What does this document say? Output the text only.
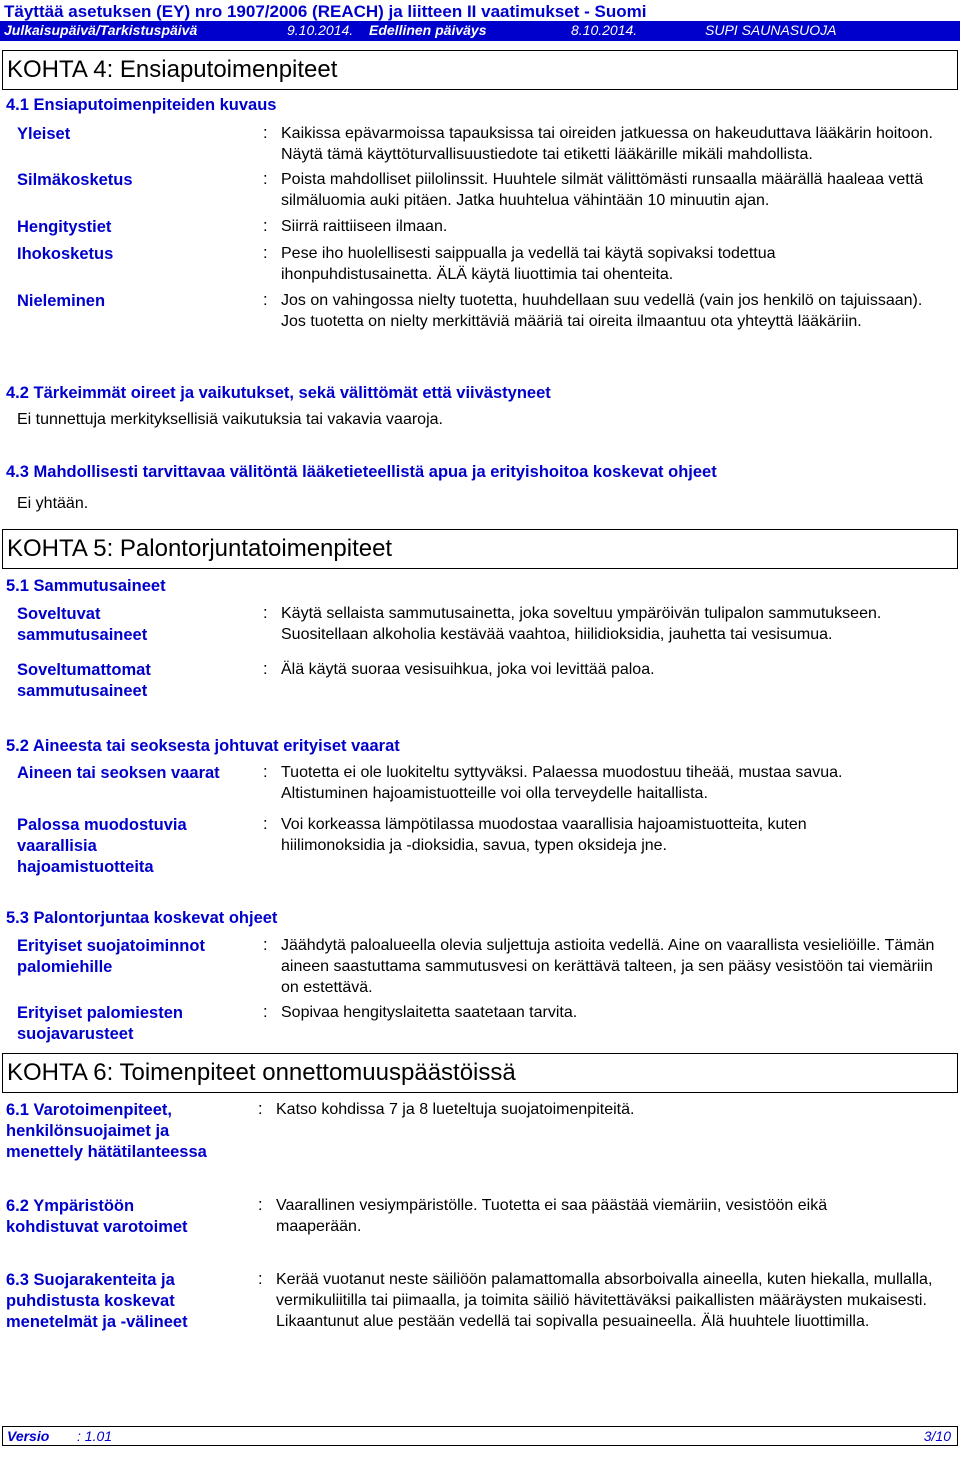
Täyttää asetuksen (EY) nro 1907/2006 (REACH) ja liitteen II vaatimukset - Suomi
Julkaisupäivä/Tarkistuspäivä	9.10.2014. Edellinen päiväys	8.10.2014.	SUPI SAUNASUOJA
KOHTA 4: Ensiaputoimenpiteet
4.1 Ensiaputoimenpiteiden kuvaus
Yleiset	: Kaikissa epävarmoissa tapauksissa tai oireiden jatkuessa on hakeuduttava lääkärin hoitoon. Näytä tämä käyttöturvallisuustiedote tai etiketti lääkärille mikäli mahdollista.
Silmäkosketus	: Poista mahdolliset piilolinssit. Huuhtele silmät välittömästi runsaalla määrällä haaleaa vettä silmäluomia auki pitäen. Jatka huuhtelua vähintään 10 minuutin ajan.
Hengitystiet	: Siirrä raittiiseen ilmaan.
Ihokosketus	: Pese iho huolellisesti saippualla ja vedellä tai käytä sopivaksi todettua ihonpuhdistusainetta. ÄLÄ käytä liuottimia tai ohenteita.
Nieleminen	: Jos on vahingossa nielty tuotetta, huuhdellaan suu vedellä (vain jos henkilö on tajuissaan). Jos tuotetta on nielty merkittäviä määriä tai oireita ilmaantuu ota yhteyttä lääkäriin.
4.2 Tärkeimmät oireet ja vaikutukset, sekä välittömät että viivästyneet
Ei tunnettuja merkityksellisiä vaikutuksia tai vakavia vaaroja.
4.3 Mahdollisesti tarvittavaa välitöntä lääketieteellistä apua ja erityishoitoa koskevat ohjeet
Ei yhtään.
KOHTA 5: Palontorjuntatoimenpiteet
5.1 Sammutusaineet
Soveltuvat sammutusaineet
: Käytä sellaista sammutusainetta, joka soveltuu ympäröivän tulipalon sammutukseen. Suositellaan alkoholia kestävää vaahtoa, hiilidioksidia, jauhetta tai vesisumua.
Soveltumattomat sammutusaineet
: Älä käytä suoraa vesisuihkua, joka voi levittää paloa.
5.2 Aineesta tai seoksesta johtuvat erityiset vaarat
Aineen tai seoksen vaarat	: Tuotetta ei ole luokiteltu syttyväksi. Palaessa muodostuu tiheää, mustaa savua. Altistuminen hajoamistuotteille voi olla terveydelle haitallista.
Palossa muodostuvia vaarallisia hajoamistuotteita
: Voi korkeassa lämpötilassa muodostaa vaarallisia hajoamistuotteita, kuten hiilimonoksidia ja -dioksidia, savua, typen oksideja jne.
5.3 Palontorjuntaa koskevat ohjeet
Erityiset suojatoiminnot palomiehille
: Jäähdytä paloalueella olevia suljettuja astioita vedellä. Aine on vaarallista vesieliöille. Tämän aineen saastuttama sammutusvesi on kerättävä talteen, ja sen pääsy vesistöön tai viemäriin on estettävä.
Erityiset palomiesten suojavarusteet
: Sopivaa hengityslaitetta saatetaan tarvita.
KOHTA 6: Toimenpiteet onnettomuuspäästöissä
6.1 Varotoimenpiteet, henkilönsuojaimet ja menettely hätätilanteessa
: Katso kohdissa 7 ja 8 lueteltuja suojatoimenpiteitä.
6.2 Ympäristöön kohdistuvat varotoimet
: Vaarallinen vesiympäristölle. Tuotetta ei saa päästää viemäriin, vesistöön eikä maaperään.
6.3 Suojarakenteita ja puhdistusta koskevat menetelmät ja -välineet
: Kerää vuotanut neste säiliöön palamattomalla absorboivalla aineella, kuten hiekalla, mullalla, vermikuliitilla tai piimaalla, ja toimita säiliö hävitettäväksi paikallisten määräysten mukaisesti. Likaantunut alue pestään vedellä tai sopivalla pesuaineella. Älä huuhtele liuottimilla.
Versio : 1.01	3/10
